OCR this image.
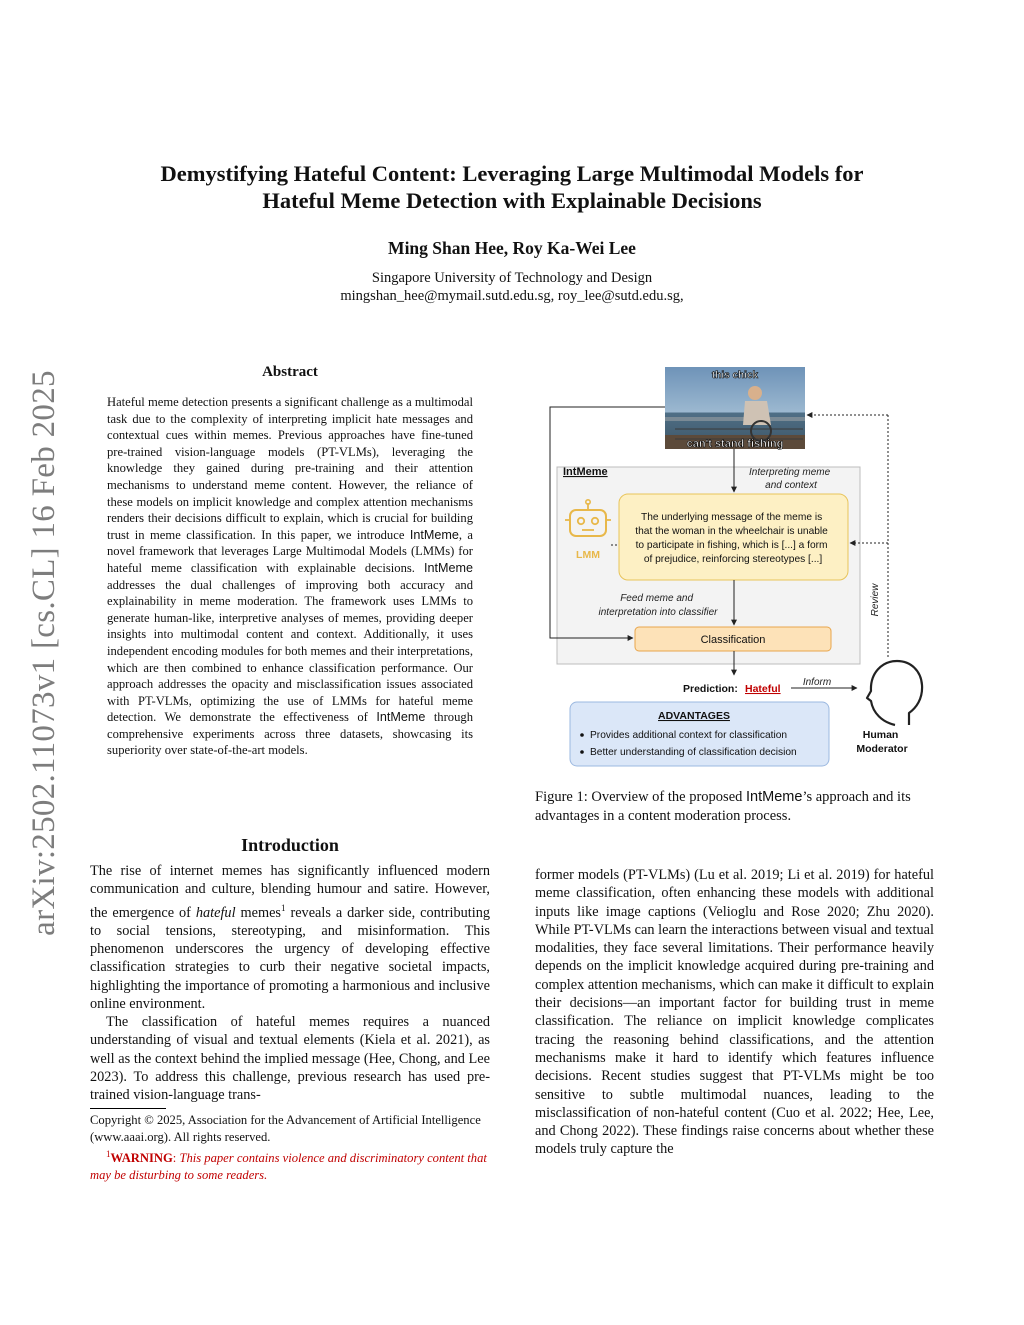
Demystifying Hateful Content: Leveraging Large Multimodal Models for
Hateful Meme Detection with Explainable Decisions
Ming Shan Hee, Roy Ka-Wei Lee
Singapore University of Technology and Design
mingshan_hee@mymail.sutd.edu.sg, roy_lee@sutd.edu.sg,
arXiv:2502.11073v1 [cs.CL] 16 Feb 2025	Abstract
Hateful meme detection presents a significant challenge as a multimodal task due to the complexity of interpreting implicit hate messages and contextual cues within memes. Previous approaches have fine-tuned pre-trained vision-language models (PT-VLMs), leveraging the knowledge they gained during pre-training and their attention mechanisms to understand meme content. However, the reliance of these models on implicit knowledge and complex attention mechanisms renders their decisions difficult to explain, which is crucial for building trust in meme classification. In this paper, we introduce IntMeme, a novel framework that leverages Large Multimodal Models (LMMs) for hateful meme classification with explainable decisions. IntMeme addresses the dual challenges of improving both accuracy and explainability in meme moderation. The framework uses LMMs to generate human-like, interpretive analyses of memes, providing deeper insights into multimodal content and context. Additionally, it uses independent encoding modules for both memes and their interpretations, which are then combined to enhance classification performance. Our approach addresses the opacity and misclassification issues associated with PT-VLMs, optimizing the use of LMMs for hateful meme detection. We demonstrate the effectiveness of IntMeme through comprehensive experiments across three datasets, showcasing its superiority over state-of-the-art models.
Introduction

The rise of internet memes has significantly influenced modern communication and culture, blending humour and satire. However, the emergence of hateful memes$^1$ reveals a darker side, contributing to social tensions, stereotyping, and misinformation. This phenomenon underscores the urgency of developing effective classification strategies to curb their negative societal impacts, highlighting the importance of promoting a harmonious and inclusive online environment.

The classification of hateful memes requires a nuanced understanding of visual and textual elements (Kiela et al. 2021), as well as the context behind the implied message (Hee, Chong, and Lee 2023). To address this challenge, previous research has used pre-trained vision-language trans-

Copyright © 2025, Association for the Advancement of Artificial Intelligence (www.aaai.org). All rights reserved.
$^1$WARNING: This paper contains violence and discriminatory content that may be disturbing to some readers.
former models (PT-VLMs) (Lu et al. 2019; Li et al. 2019) for hateful meme classification, often enhancing these models with additional inputs like image captions (Velioglu and Rose 2020; Zhu 2020). While PT-VLMs can learn the interactions between visual and textual modalities, they face several limitations. Their performance heavily depends on the implicit knowledge acquired during pre-training and complex attention mechanisms, which can make it difficult to explain their decisions—an important factor for building trust in meme classification. The reliance on implicit knowledge complicates tracing the reasoning behind classifications, and the attention mechanisms make it hard to identify which features influence decisions. Recent studies suggest that PT-VLMs might be too sensitive to subtle multimodal nuances, leading to the misclassification of non-hateful content (Cuo et al. 2022; Hee, Lee, and Chong 2022). These findings raise concerns about whether these models truly capture the
Figure 1: Overview of the proposed IntMeme’s approach and its advantages in a content moderation process.
IntMeme
this chick
can't stand fishing
Interpreting meme and context
LMM
The underlying message of the meme is that the woman in the wheelchair is unable to participate in fishing, which is [...] a form of prejudice, reinforcing stereotypes [...]
Feed meme and interpretation into classifier
Classification
Prediction: Hateful
Inform
Human Moderator
Review
ADVANTAGES
Provides additional context for classification
Better understanding of classification decision
